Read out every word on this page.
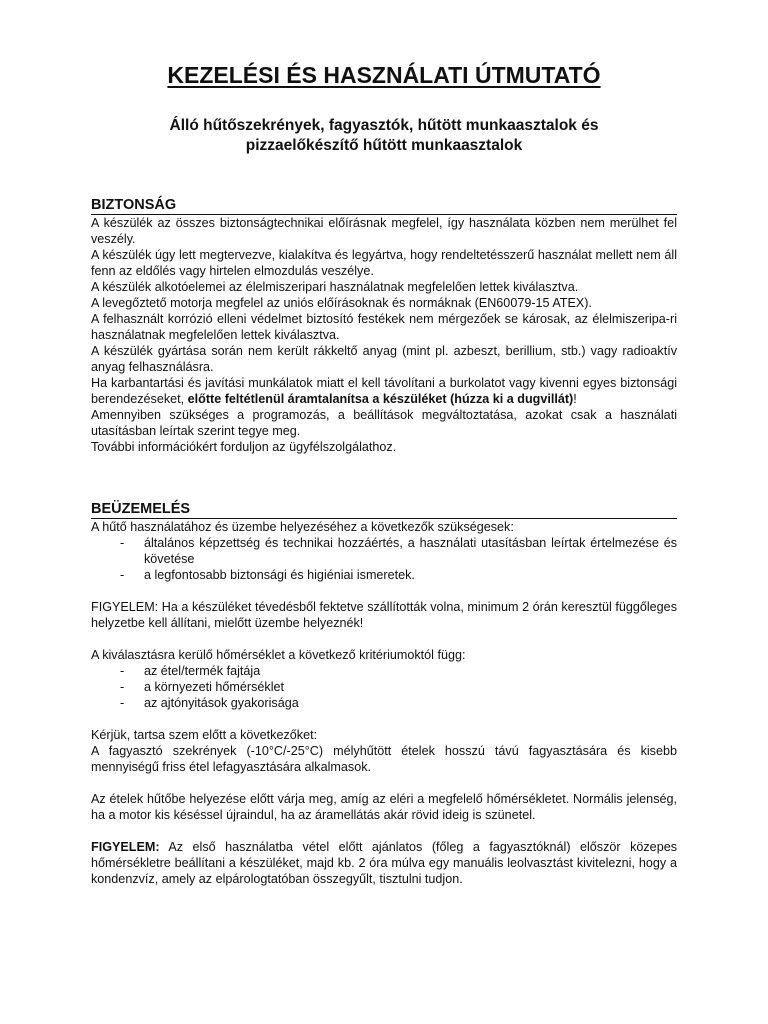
KEZELÉSI ÉS HASZNÁLATI ÚTMUTATÓ
Álló hűtőszekrények, fagyasztók, hűtött munkaasztalok és
pizzaelőkészítő hűtött munkaasztalok
BIZTONSÁG

A készülék az összes biztonságtechnikai előírásnak megfelel, így használata közben nem merülhet fel veszély.

A készülék úgy lett megtervezve, kialakítva és legyártva, hogy rendeltetésszerű használat mellett nem áll fenn az eldőlés vagy hirtelen elmozdulás veszélye.

A készülék alkotóelemei az élelmiszeripari használatnak megfelelően lettek kiválasztva.

A levegőztető motorja megfelel az uniós előírásoknak és normáknak (EN60079-15 ATEX).

A felhasznált korrózió elleni védelmet biztosító festékek nem mérgezőek se károsak, az élelmiszeripa-ri használatnak megfelelően lettek kiválasztva.

A készülék gyártása során nem került rákkeltő anyag (mint pl. azbeszt, berillium, stb.) vagy radioaktív anyag felhasználásra.

Ha karbantartási és javítási munkálatok miatt el kell távolítani a burkolatot vagy kivenni egyes biztonsági berendezéseket, előtte feltétlenül áramtalanítsa a készüléket (húzza ki a dugvillát)!

Amennyiben szükséges a programozás, a beállítások megváltoztatása, azokat csak a használati utasításban leírtak szerint tegye meg.

További információkért forduljon az ügyfélszolgálathoz.

BEÜZEMELÉS

A hűtő használatához és üzembe helyezéséhez a következők szükségesek:

- általános képzettség és technikai hozzáértés, a használati utasításban leírtak értelmezése és követése
- a legfontosabb biztonsági és higiéniai ismeretek.

FIGYELEM: Ha a készüléket tévedésből fektetve szállították volna, minimum 2 órán keresztül függőleges helyzetbe kell állítani, mielőtt üzembe helyeznék!

A kiválasztásra kerülő hőmérséklet a következő kritériumoktól függ:

- az étel/termék fajtája
- a környezeti hőmérséklet
- az ajtónyitások gyakorisága

Kérjük, tartsa szem előtt a következőket:

A fagyasztó szekrények (-10°C/-25°C) mélyhűtött ételek hosszú távú fagyasztására és kisebb mennyiségű friss étel lefagyasztására alkalmasok.

Az ételek hűtőbe helyezése előtt várja meg, amíg az eléri a megfelelő hőmérsékletet. Normális jelenség, ha a motor kis késéssel újraindul, ha az áramellátás akár rövid ideig is szünetel.

FIGYELEM: Az első használatba vétel előtt ajánlatos (főleg a fagyasztóknál) először közepes hőmérsékletre beállítani a készüléket, majd kb. 2 óra múlva egy manuális leolvasztást kivitelezni, hogy a kondenzvíz, amely az elpárologtatóban összegyűlt, tisztulni tudjon.
